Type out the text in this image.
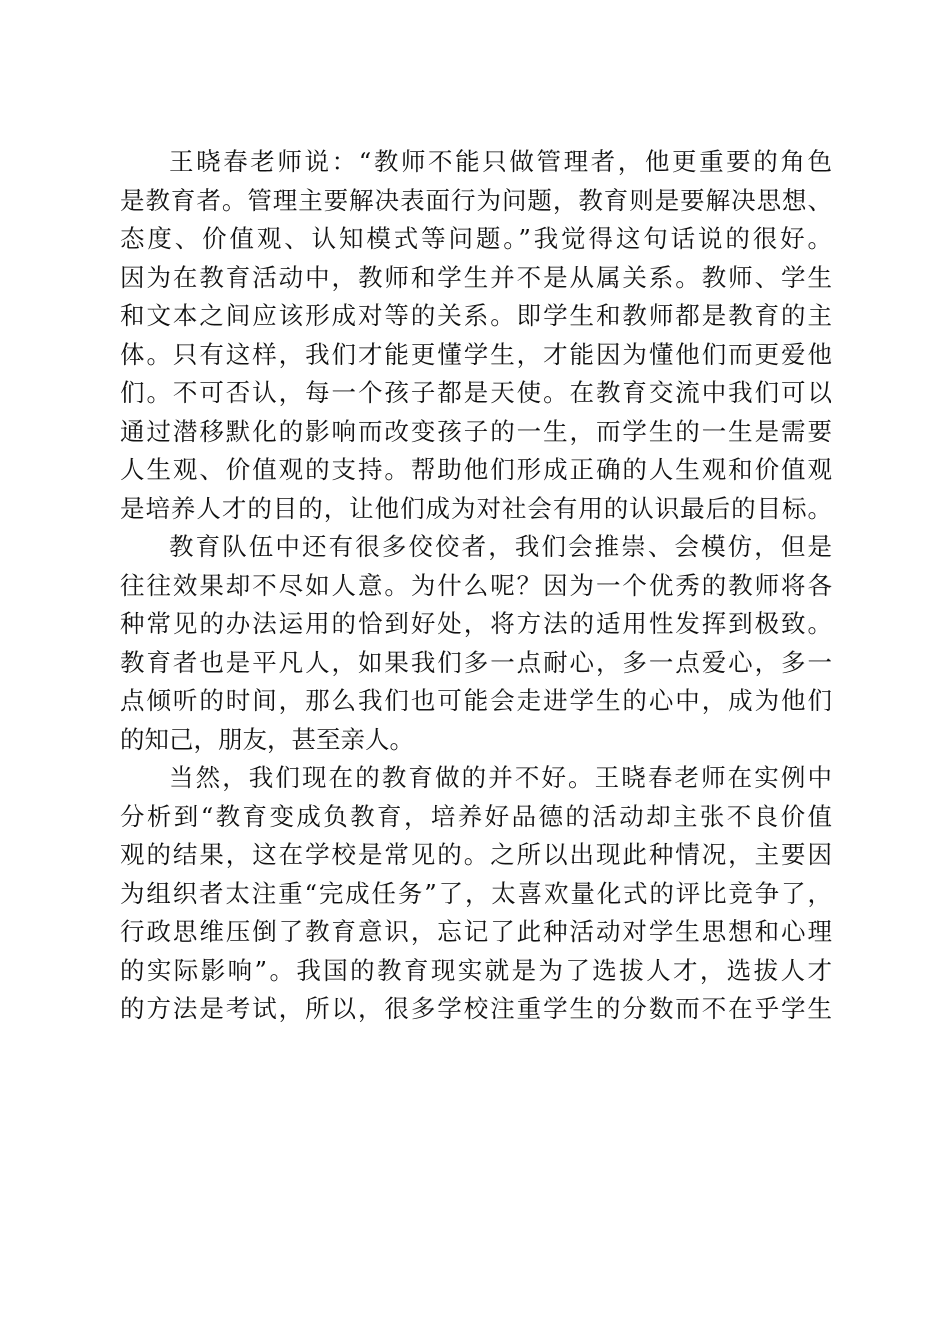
王晓春老师说：“教师不能只做管理者，他更重要的角色
是教育者。管理主要解决表面行为问题，教育则是要解决思想、
态度、价值观、认知模式等问题。”我觉得这句话说的很好。
因为在教育活动中，教师和学生并不是从属关系。教师、学生
和文本之间应该形成对等的关系。即学生和教师都是教育的主
体。只有这样，我们才能更懂学生，才能因为懂他们而更爱他
们。不可否认，每一个孩子都是天使。在教育交流中我们可以
通过潜移默化的影响而改变孩子的一生，而学生的一生是需要
人生观、价值观的支持。帮助他们形成正确的人生观和价值观
是培养人才的目的，让他们成为对社会有用的认识最后的目标。
教育队伍中还有很多佼佼者，我们会推崇、会模仿，但是
往往效果却不尽如人意。为什么呢？因为一个优秀的教师将各
种常见的办法运用的恰到好处，将方法的适用性发挥到极致。
教育者也是平凡人，如果我们多一点耐心，多一点爱心，多一
点倾听的时间，那么我们也可能会走进学生的心中，成为他们
的知己，朋友，甚至亲人。
当然，我们现在的教育做的并不好。王晓春老师在实例中
分析到“教育变成负教育，培养好品德的活动却主张不良价值
观的结果，这在学校是常见的。之所以出现此种情况，主要因
为组织者太注重“完成任务”了，太喜欢量化式的评比竞争了，
行政思维压倒了教育意识，忘记了此种活动对学生思想和心理
的实际影响”。我国的教育现实就是为了选拔人才，选拔人才
的方法是考试，所以，很多学校注重学生的分数而不在乎学生
